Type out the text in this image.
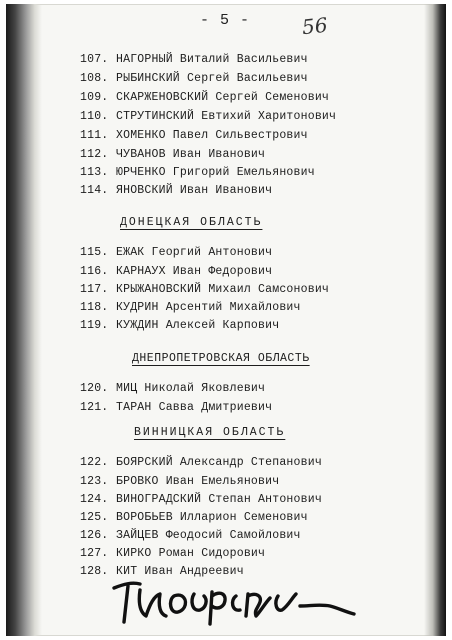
- 5 -	56
107. НАГОРНЫЙ Виталий Васильевич
108. РЫБИНСКИЙ Сергей Васильевич
109. СКАРЖЕНОВСКИЙ Сергей Семенович
110. СТРУТИНСКИЙ Евтихий Харитонович
111. ХОМЕНКО Павел Сильвестрович
112. ЧУВАНОВ Иван Иванович
113. ЮРЧЕНКО Григорий Емельянович
114. ЯНОВСКИЙ Иван Иванович
ДОНЕЦКАЯ ОБЛАСТЬ
115. ЕЖАК Георгий Антонович
116. КАРНАУХ Иван Федорович
117. КРЫЖАНОВСКИЙ Михаил Самсонович
118. КУДРИН Арсентий Михайлович
119. КУЖДИН Алексей Карпович
ДНЕПРОПЕТРОВСКАЯ ОБЛАСТЬ
120. МИЦ Николай Яковлевич
121. ТАРАН Савва Дмитриевич
ВИННИЦКАЯ ОБЛАСТЬ
122. БОЯРСКИЙ Александр Степанович
123. БРОВКО Иван Емельянович
124. ВИНОГРАДСКИЙ Степан Антонович
125. ВОРОБЬЕВ Илларион Семенович
126. ЗАЙЦЕВ Феодосий Самойлович
127. КИРКО Роман Сидорович
128. КИТ Иван Андреевич
